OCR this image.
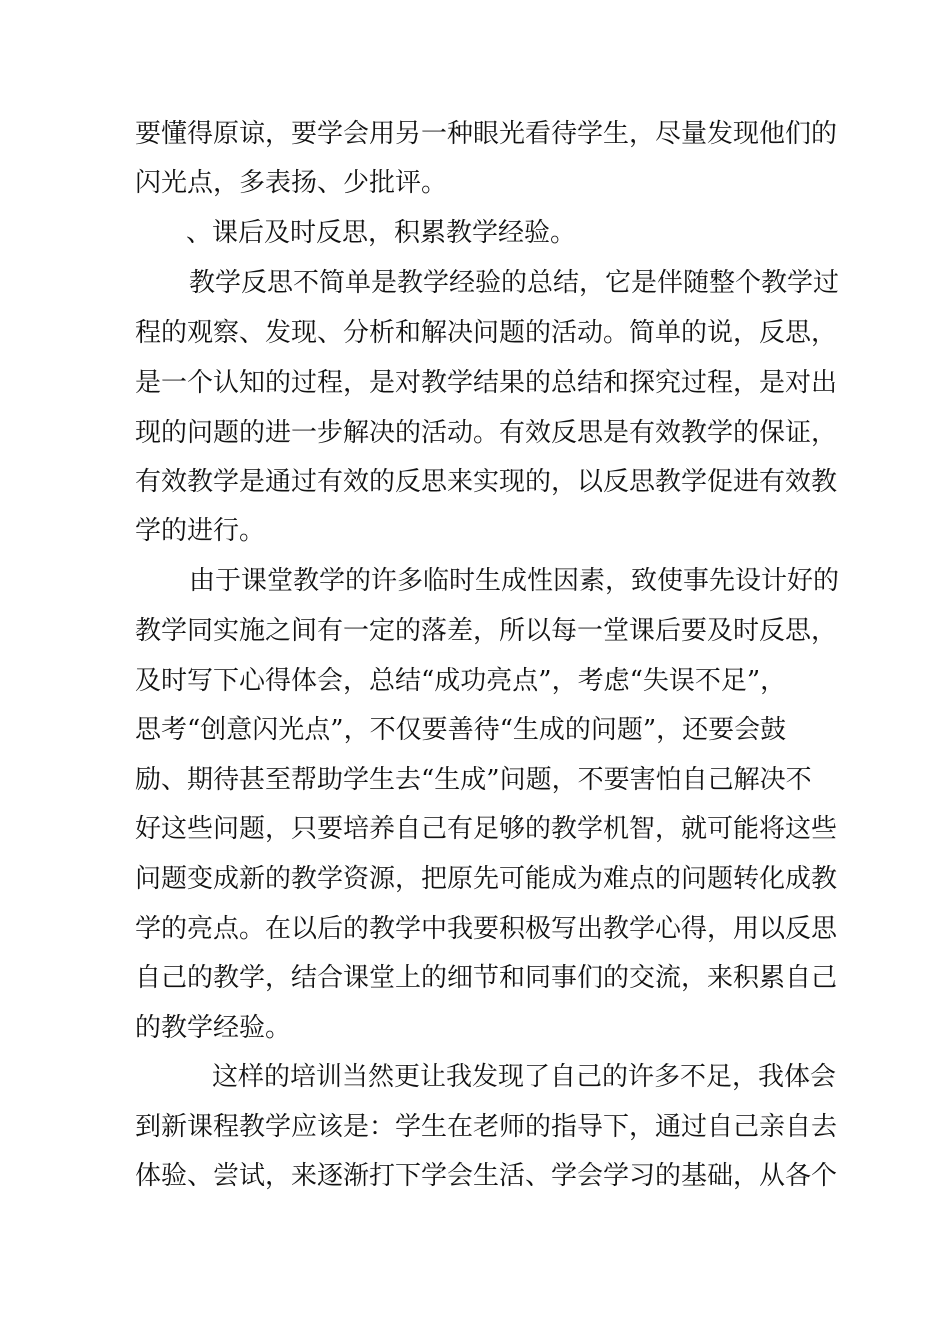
要懂得原谅，要学会用另一种眼光看待学生，尽量发现他们的
闪光点，多表扬、少批评。
、课后及时反思，积累教学经验。
教学反思不简单是教学经验的总结，它是伴随整个教学过
程的观察、发现、分析和解决问题的活动。简单的说，反思，
是一个认知的过程，是对教学结果的总结和探究过程，是对出
现的问题的进一步解决的活动。有效反思是有效教学的保证，
有效教学是通过有效的反思来实现的，以反思教学促进有效教
学的进行。
由于课堂教学的许多临时生成性因素，致使事先设计好的
教学同实施之间有一定的落差，所以每一堂课后要及时反思，
及时写下心得体会，总结“成功亮点”，考虑“失误不足”，
思考“创意闪光点”，不仅要善待“生成的问题”，还要会鼓
励、期待甚至帮助学生去“生成”问题，不要害怕自己解决不
好这些问题，只要培养自己有足够的教学机智，就可能将这些
问题变成新的教学资源，把原先可能成为难点的问题转化成教
学的亮点。在以后的教学中我要积极写出教学心得，用以反思
自己的教学，结合课堂上的细节和同事们的交流，来积累自己
的教学经验。
这样的培训当然更让我发现了自己的许多不足，我体会
到新课程教学应该是：学生在老师的指导下，通过自己亲自去
体验、尝试，来逐渐打下学会生活、学会学习的基础，从各个
